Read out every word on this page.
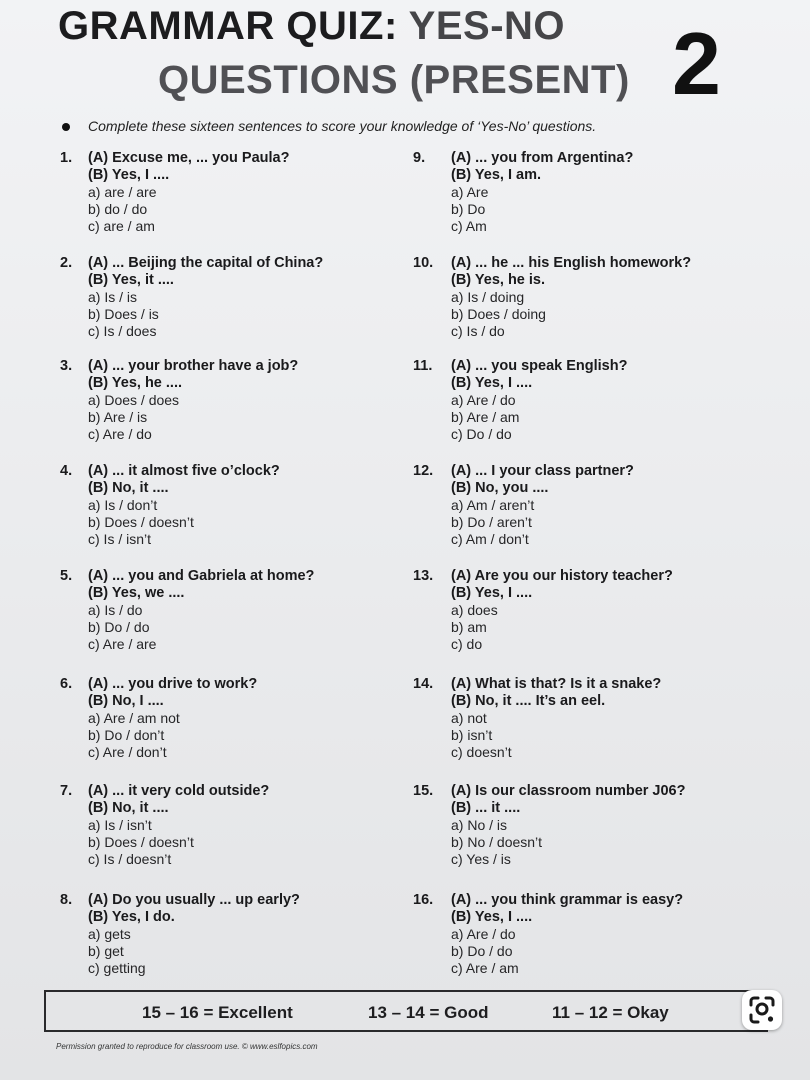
GRAMMAR QUIZ: YES-NO
QUESTIONS (PRESENT) 2
Complete these sixteen sentences to score your knowledge of ‘Yes-No’ questions.
1. (A) Excuse me, ... you Paula?
(B) Yes, I ....
a) are / are
b) do / do
c) are / am
2. (A) ... Beijing the capital of China?
(B) Yes, it ....
a) Is / is
b) Does / is
c) Is / does
3. (A) ... your brother have a job?
(B) Yes, he ....
a) Does / does
b) Are / is
c) Are / do
4. (A) ... it almost five o’clock?
(B) No, it ....
a) Is / don’t
b) Does / doesn’t
c) Is / isn’t
5. (A) ... you and Gabriela at home?
(B) Yes, we ....
a) Is / do
b) Do / do
c) Are / are
6. (A) ... you drive to work?
(B) No, I ....
a) Are / am not
b) Do / don’t
c) Are / don’t
7. (A) ... it very cold outside?
(B) No, it ....
a) Is / isn’t
b) Does / doesn’t
c) Is / doesn’t
8. (A) Do you usually ... up early?
(B) Yes, I do.
a) gets
b) get
c) getting
9. (A) ... you from Argentina?
(B) Yes, I am.
a) Are
b) Do
c) Am
10. (A) ... he ... his English homework?
(B) Yes, he is.
a) Is / doing
b) Does / doing
c) Is / do
11. (A) ... you speak English?
(B) Yes, I ....
a) Are / do
b) Are / am
c) Do / do
12. (A) ... I your class partner?
(B) No, you ....
a) Am / aren’t
b) Do / aren’t
c) Am / don’t
13. (A) Are you our history teacher?
(B) Yes, I ....
a) does
b) am
c) do
14. (A) What is that? Is it a snake?
(B) No, it .... It’s an eel.
a) not
b) isn’t
c) doesn’t
15. (A) Is our classroom number J06?
(B) ... it ....
a) No / is
b) No / doesn’t
c) Yes / is
16. (A) ... you think grammar is easy?
(B) Yes, I ....
a) Are / do
b) Do / do
c) Are / am
15 – 16 = Excellent	13 – 14 = Good	11 – 12 = Okay
Permission granted to reproduce for classroom use. © www.eslfopics.com
